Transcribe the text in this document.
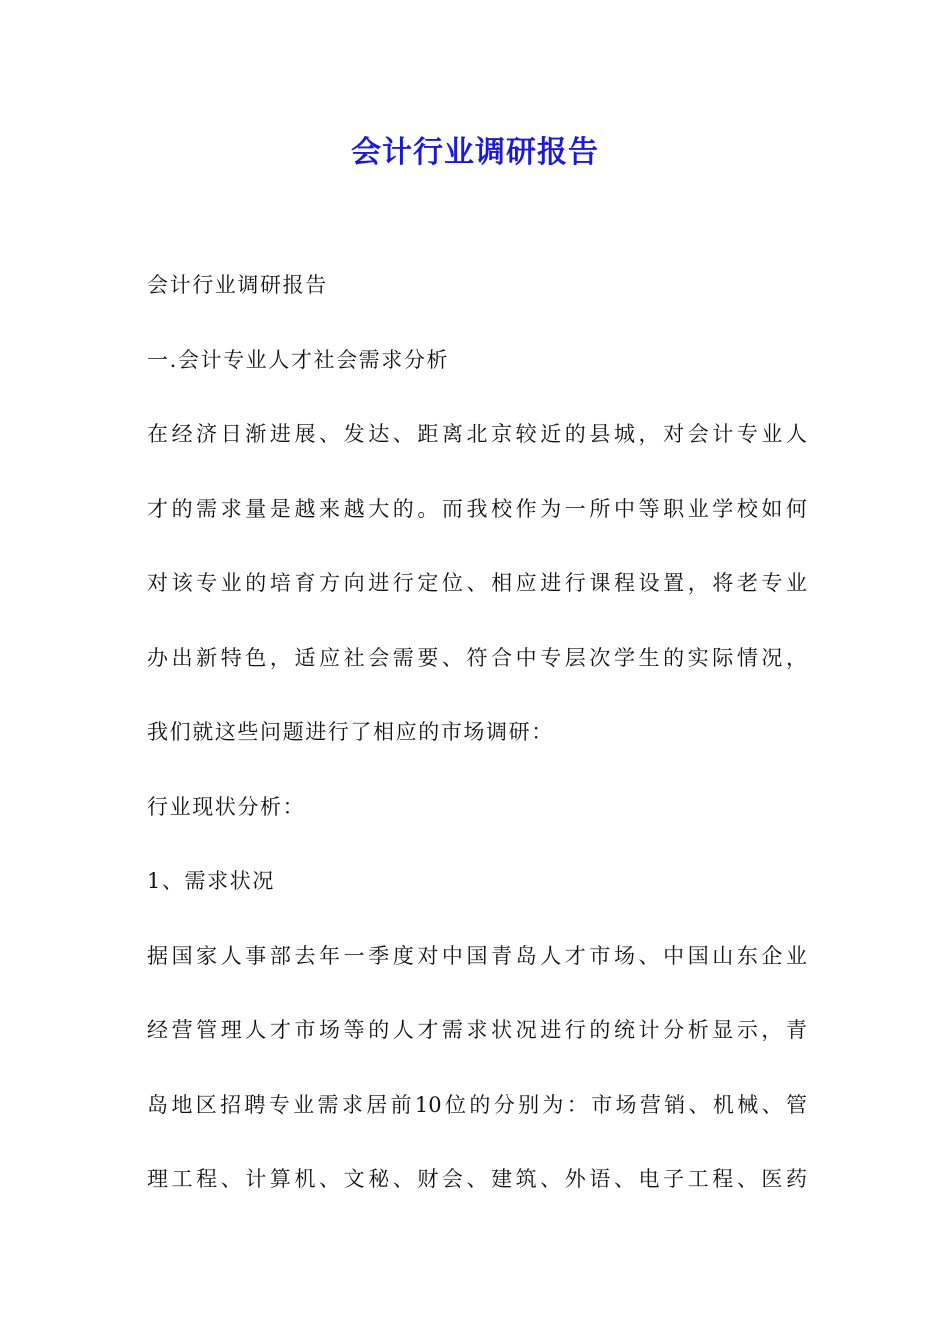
会计行业调研报告
会计行业调研报告
一.会计专业人才社会需求分析
在经济日渐进展、发达、距离北京较近的县城，对会计专业人
才的需求量是越来越大的。而我校作为一所中等职业学校如何
对该专业的培育方向进行定位、相应进行课程设置，将老专业
办出新特色，适应社会需要、符合中专层次学生的实际情况，
我们就这些问题进行了相应的市场调研：
行业现状分析：
1、需求状况
据国家人事部去年一季度对中国青岛人才市场、中国山东企业
经营管理人才市场等的人才需求状况进行的统计分析显示，青
岛地区招聘专业需求居前10位的分别为：市场营销、机械、管
理工程、计算机、文秘、财会、建筑、外语、电子工程、医药
